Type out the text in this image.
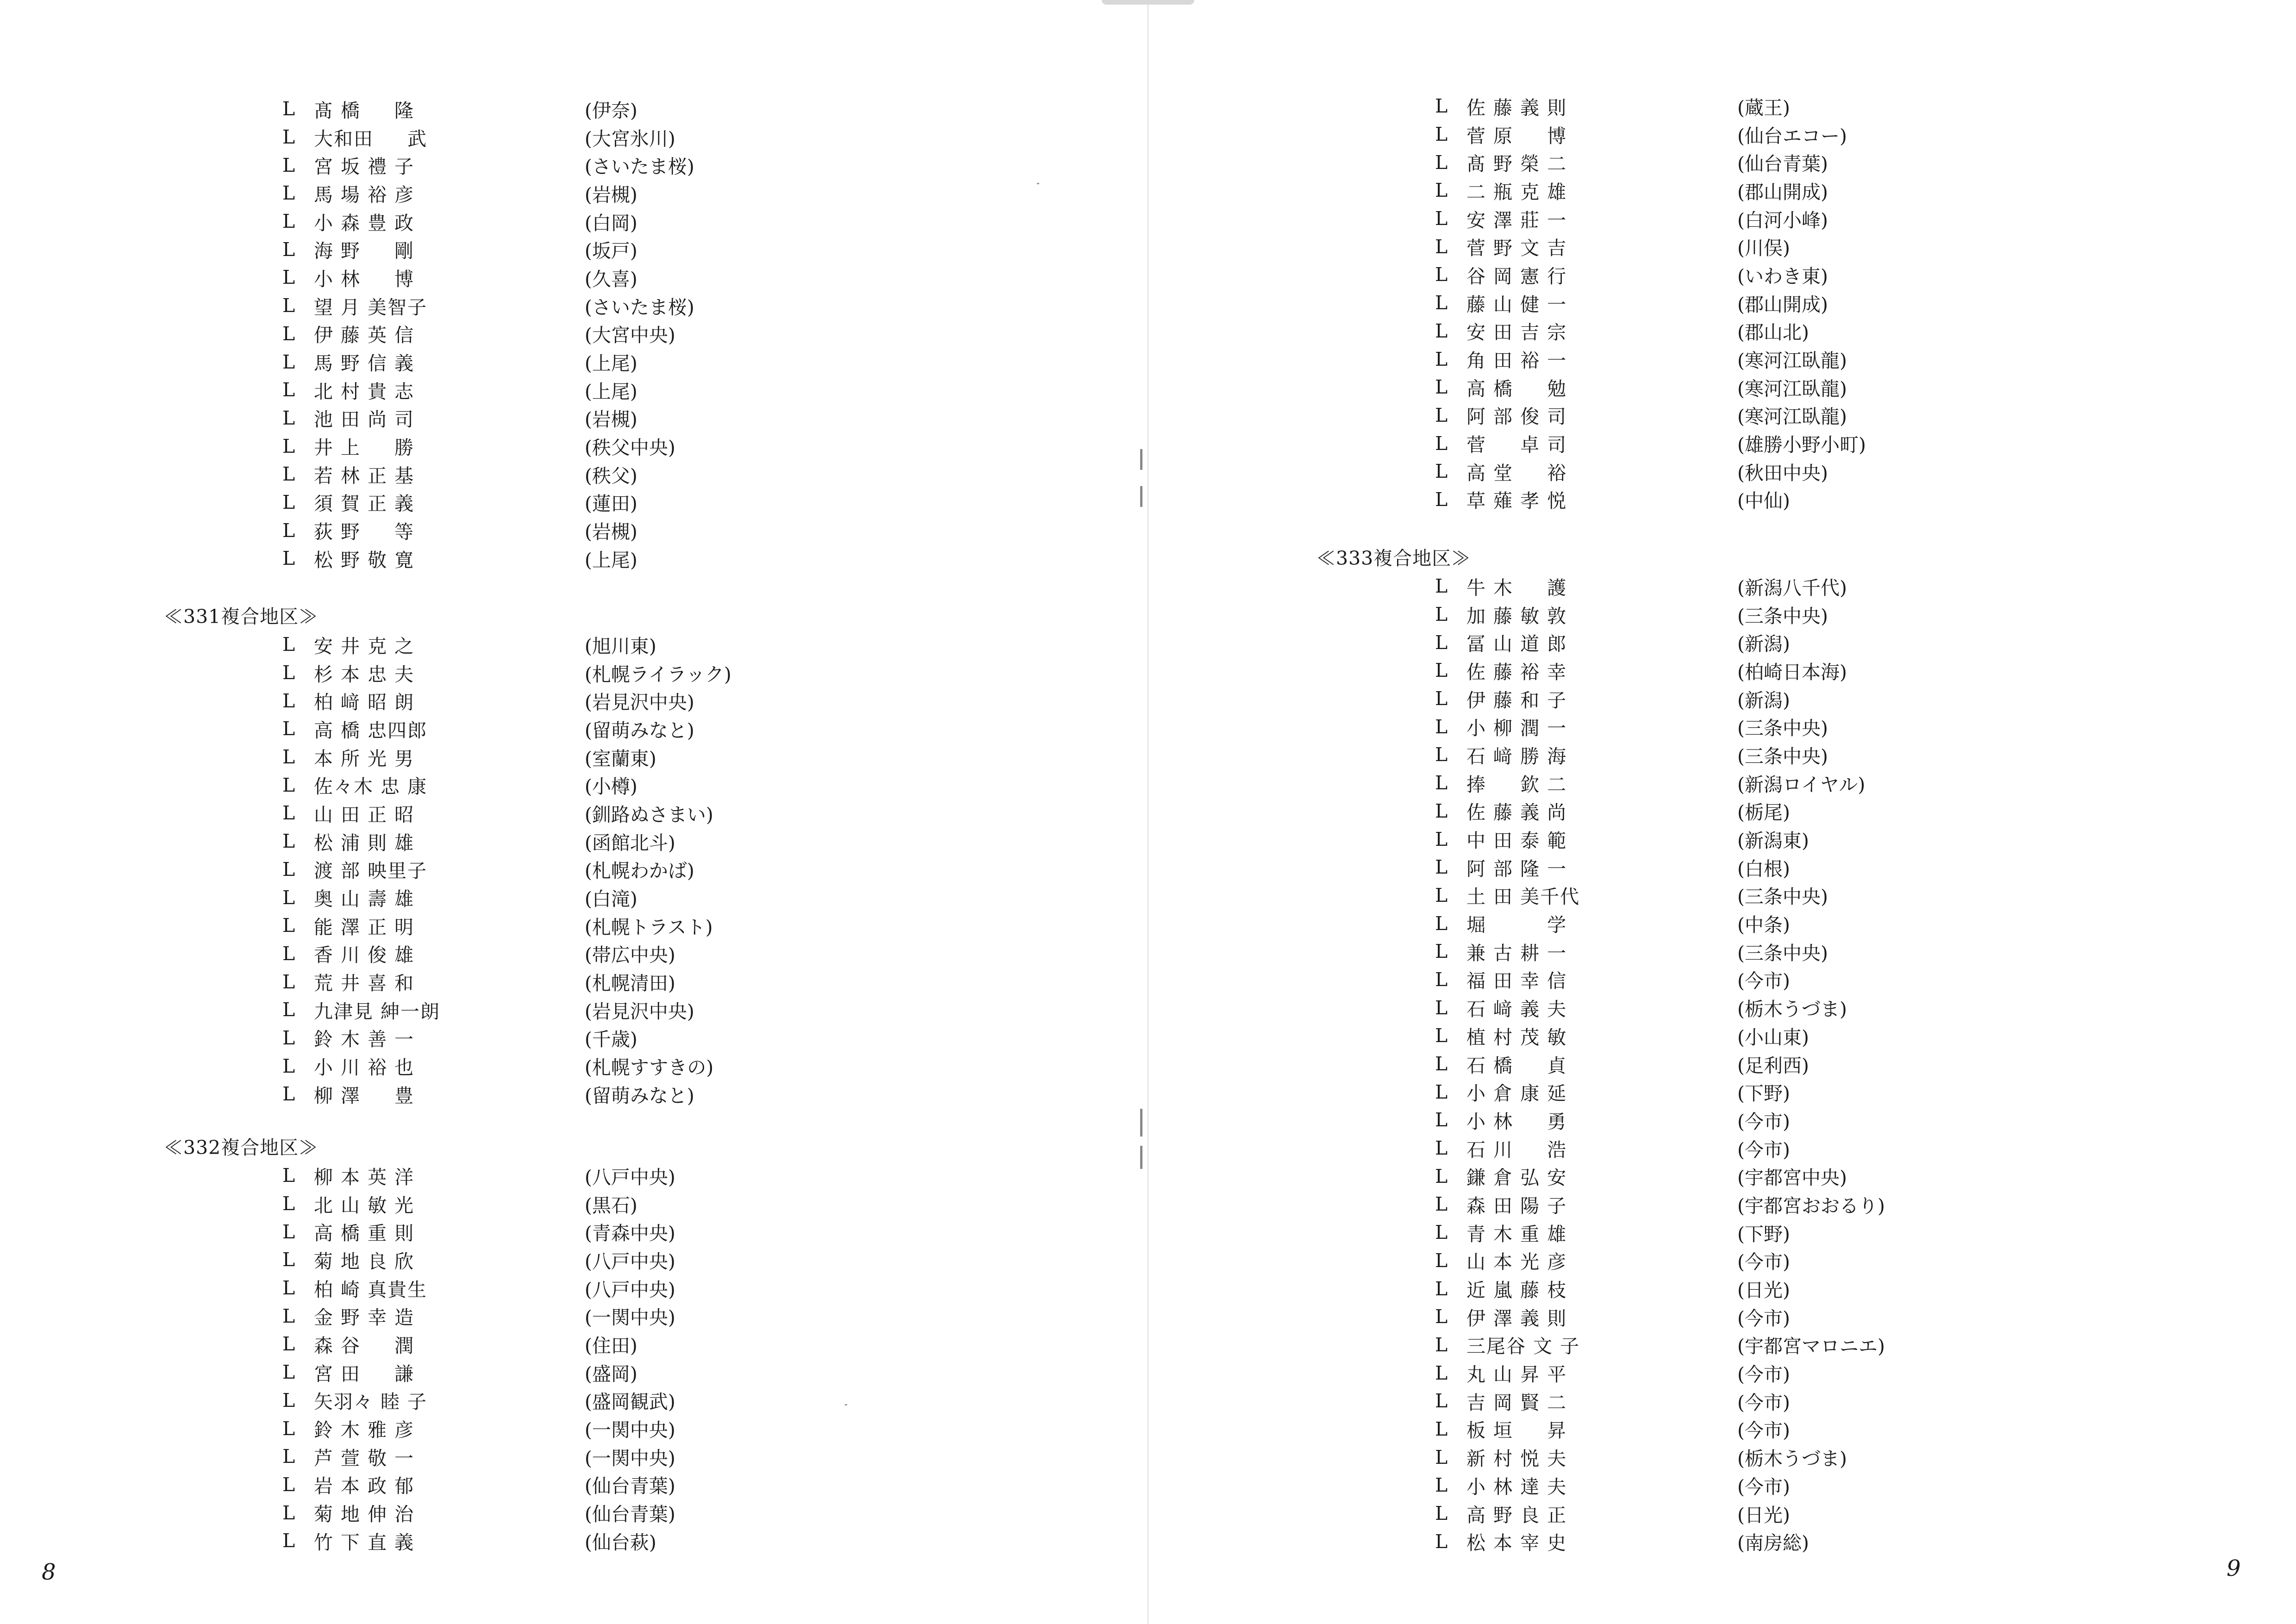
L 髙 橋 　 隆	(伊奈)
L 大和田 　 武	(大宮氷川)
L 宮 坂 禮 子	(さいたま桜)
L 馬 場 裕 彦	(岩槻)
L 小 森 豊 政	(白岡)
L 海 野 　 剛	(坂戸)
L 小 林 　 博	(久喜)
L 望 月 美智子	(さいたま桜)
L 伊 藤 英 信	(大宮中央)
L 馬 野 信 義	(上尾)
L 北 村 貴 志	(上尾)
L 池 田 尚 司	(岩槻)
L 井 上 　 勝	(秩父中央)
L 若 林 正 基	(秩父)
L 須 賀 正 義	(蓮田)
L 荻 野 　 等	(岩槻)
L 松 野 敬 寛	(上尾)
≪331複合地区≫
L 安 井 克 之	(旭川東)
L 杉 本 忠 夫	(札幌ライラック)
L 柏 﨑 昭 朗	(岩見沢中央)
L 高 橋 忠四郎	(留萌みなと)
L 本 所 光 男	(室蘭東)
L 佐々木 忠 康	(小樽)
L 山 田 正 昭	(釧路ぬさまい)
L 松 浦 則 雄	(函館北斗)
L 渡 部 映里子	(札幌わかば)
L 奥 山 壽 雄	(白滝)
L 能 澤 正 明	(札幌トラスト)
L 香 川 俊 雄	(帯広中央)
L 荒 井 喜 和	(札幌清田)
L 九津見 紳一朗	(岩見沢中央)
L 鈴 木 善 一	(千歳)
L 小 川 裕 也	(札幌すすきの)
L 柳 澤 　 豊	(留萌みなと)
≪332複合地区≫
L 柳 本 英 洋	(八戸中央)
L 北 山 敏 光	(黒石)
L 高 橋 重 則	(青森中央)
L 菊 地 良 欣	(八戸中央)
L 柏 崎 真貴生	(八戸中央)
L 金 野 幸 造	(一関中央)
L 森 谷 　 潤	(住田)
L 宮 田 　 謙	(盛岡)
L 矢羽々 睦 子	(盛岡観武)
L 鈴 木 雅 彦	(一関中央)
L 芦 萱 敬 一	(一関中央)
L 岩 本 政 郁	(仙台青葉)
L 菊 地 伸 治	(仙台青葉)
L 竹 下 直 義	(仙台萩)
8
L 佐 藤 義 則	(蔵王)
L 菅 原 　 博	(仙台エコー)
L 髙 野 榮 二	(仙台青葉)
L 二 瓶 克 雄	(郡山開成)
L 安 澤 莊 一	(白河小峰)
L 菅 野 文 吉	(川俣)
L 谷 岡 憲 行	(いわき東)
L 藤 山 健 一	(郡山開成)
L 安 田 吉 宗	(郡山北)
L 角 田 裕 一	(寒河江臥龍)
L 高 橋 　 勉	(寒河江臥龍)
L 阿 部 俊 司	(寒河江臥龍)
L 菅 　 卓 司	(雄勝小野小町)
L 高 堂 　 裕	(秋田中央)
L 草 薙 孝 悦	(中仙)
≪333複合地区≫
L 牛 木 　 護	(新潟八千代)
L 加 藤 敏 敦	(三条中央)
L 冨 山 道 郎	(新潟)
L 佐 藤 裕 幸	(柏崎日本海)
L 伊 藤 和 子	(新潟)
L 小 柳 潤 一	(三条中央)
L 石 﨑 勝 海	(三条中央)
L 捧 　 欽 二	(新潟ロイヤル)
L 佐 藤 義 尚	(栃尾)
L 中 田 泰 範	(新潟東)
L 阿 部 隆 一	(白根)
L 土 田 美千代	(三条中央)
L 堀 　 　 学	(中条)
L 兼 古 耕 一	(三条中央)
L 福 田 幸 信	(今市)
L 石 﨑 義 夫	(栃木うづま)
L 植 村 茂 敏	(小山東)
L 石 橋 　 貞	(足利西)
L 小 倉 康 延	(下野)
L 小 林 　 勇	(今市)
L 石 川 　 浩	(今市)
L 鎌 倉 弘 安	(宇都宮中央)
L 森 田 陽 子	(宇都宮おおるり)
L 青 木 重 雄	(下野)
L 山 本 光 彦	(今市)
L 近 嵐 藤 枝	(日光)
L 伊 澤 義 則	(今市)
L 三尾谷 文 子	(宇都宮マロニエ)
L 丸 山 昇 平	(今市)
L 吉 岡 賢 二	(今市)
L 板 垣 　 昇	(今市)
L 新 村 悦 夫	(栃木うづま)
L 小 林 達 夫	(今市)
L 高 野 良 正	(日光)
L 松 本 宰 史	(南房総)
9
